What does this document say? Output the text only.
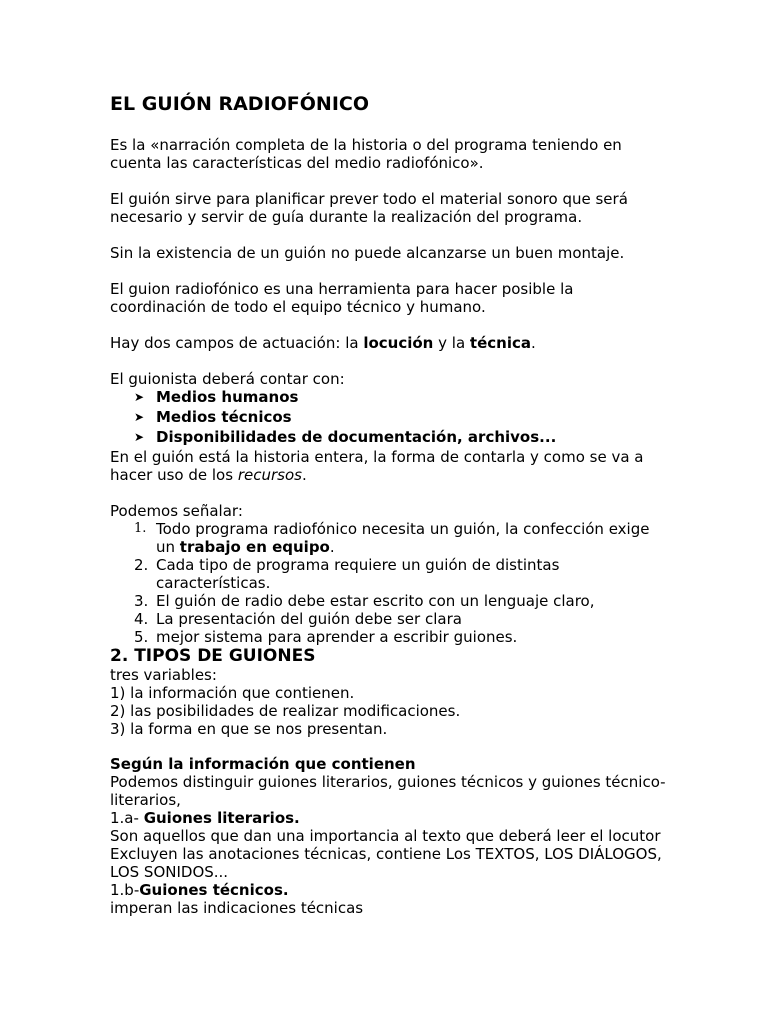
EL GUIÓN RADIOFÓNICO

Es la «narración completa de la historia o del programa teniendo en cuenta las características del medio radiofónico».

El guión sirve para planificar prever todo el material sonoro que será necesario y servir de guía durante la realización del programa.

Sin la existencia de un guión no puede alcanzarse un buen montaje.

El guion radiofónico es una herramienta para hacer posible la coordinación de todo el equipo técnico y humano.

Hay dos campos de actuación: la locución y la técnica.

El guionista deberá contar con:

➤ Medios humanos
➤ Medios técnicos
➤ Disponibilidades de documentación, archivos...

En el guión está la historia entera, la forma de contarla y como se va a hacer uso de los recursos.

Podemos señalar:

1. Todo programa radiofónico necesita un guión, la confección exige un trabajo en equipo.
2. Cada tipo de programa requiere un guión de distintas características.
3. El guión de radio debe estar escrito con un lenguaje claro,
4. La presentación del guión debe ser clara
5. mejor sistema para aprender a escribir guiones.
2. TIPOS DE GUIONES

tres variables:

1) la información que contienen.

2) las posibilidades de realizar modificaciones.

3) la forma en que se nos presentan.

Según la información que contienen

Podemos distinguir guiones literarios, guiones técnicos y guiones técnico-literarios,

1.a- Guiones literarios.

Son aquellos que dan una importancia al texto que deberá leer el locutor

Excluyen las anotaciones técnicas, contiene Los TEXTOS, LOS DIÁLOGOS, LOS SONIDOS...

1.b-Guiones técnicos.

imperan las indicaciones técnicas
